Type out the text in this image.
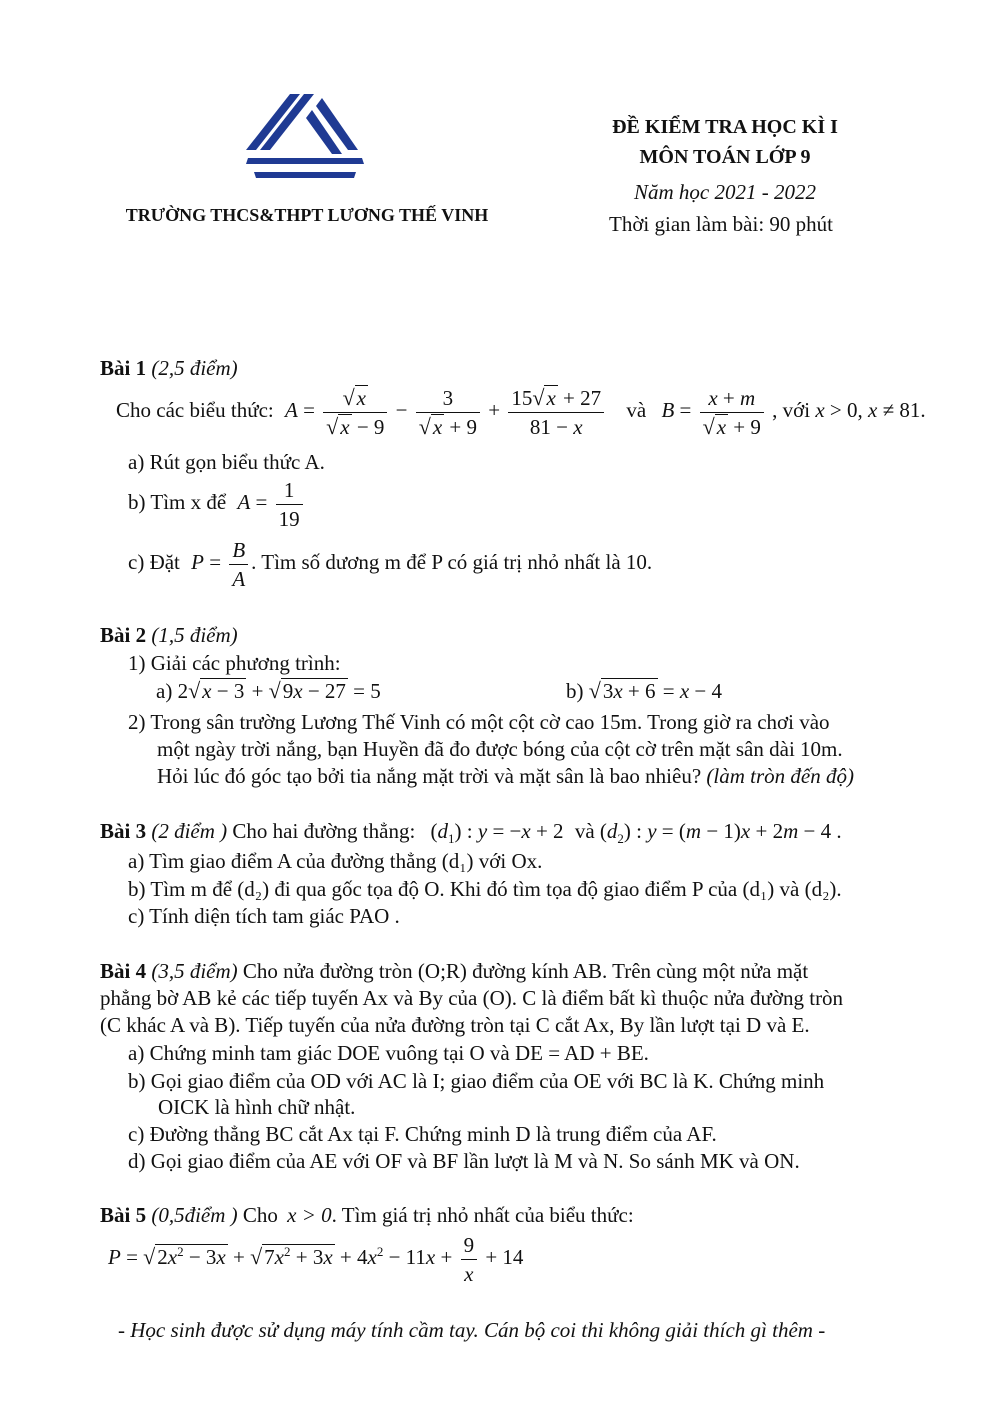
TRƯỜNG THCS&THPT LƯƠNG THẾ VINH
ĐỀ KIỂM TRA HỌC KÌ I
MÔN TOÁN LỚP 9
Năm học 2021 - 2022
Thời gian làm bài: 90 phút
Bài 1 (2,5 điểm)
Cho các biểu thức: $A = \frac{√x}{√x - 9} - \frac{3}{√x + 9} + \frac{15√x + 27}{81 - x}$ và $B = \frac{x + m}{√x + 9}$ , với x > 0, x ≠ 81.
a) Rút gọn biểu thức A.
b) Tìm x để $A = \frac{1}{19}$
c) Đặt $P = \frac{B}{A}$ . Tìm số dương m để P có giá trị nhỏ nhất là 10.
Bài 2 (1,5 điểm)
1) Giải các phương trình:
a) 2√x − 3 + √9x − 27 = 5	b) √3x + 6 = x − 4
2) Trong sân trường Lương Thế Vinh có một cột cờ cao 15m. Trong giờ ra chơi vào
một ngày trời nắng, bạn Huyền đã đo được bóng của cột cờ trên mặt sân dài 10m.
Hỏi lúc đó góc tạo bởi tia nắng mặt trời và mặt sân là bao nhiêu? (làm tròn đến độ)
Bài 3 (2 điểm ) Cho hai đường thẳng: $(d_1)$ : y = −x + 2 và $(d_2)$ : y = (m − 1)x + 2m − 4 .
a) Tìm giao điểm A của đường thẳng (d₁) với Ox.
b) Tìm m để (d₂) đi qua gốc tọa độ O. Khi đó tìm tọa độ giao điểm P của (d₁) và (d₂).
c) Tính diện tích tam giác PAO .
Bài 4 (3,5 điểm) Cho nửa đường tròn (O;R) đường kính AB. Trên cùng một nửa mặt
phẳng bờ AB kẻ các tiếp tuyến Ax và By của (O). C là điểm bất kì thuộc nửa đường tròn
(C khác A và B). Tiếp tuyến của nửa đường tròn tại C cắt Ax, By lần lượt tại D và E.
a) Chứng minh tam giác DOE vuông tại O và DE = AD + BE.
b) Gọi giao điểm của OD với AC là I; giao điểm của OE với BC là K. Chứng minh
OICK là hình chữ nhật.
c) Đường thẳng BC cắt Ax tại F. Chứng minh D là trung điểm của AF.
d) Gọi giao điểm của AE với OF và BF lần lượt là M và N. So sánh MK và ON.
Bài 5 (0,5điểm ) Cho x > 0. Tìm giá trị nhỏ nhất của biểu thức:
$P = √2x^2 - 3x + √7x^2 + 3x + 4x^2 - 11x + \frac{9}{x} + 14$
- Học sinh được sử dụng máy tính cầm tay. Cán bộ coi thi không giải thích gì thêm -
